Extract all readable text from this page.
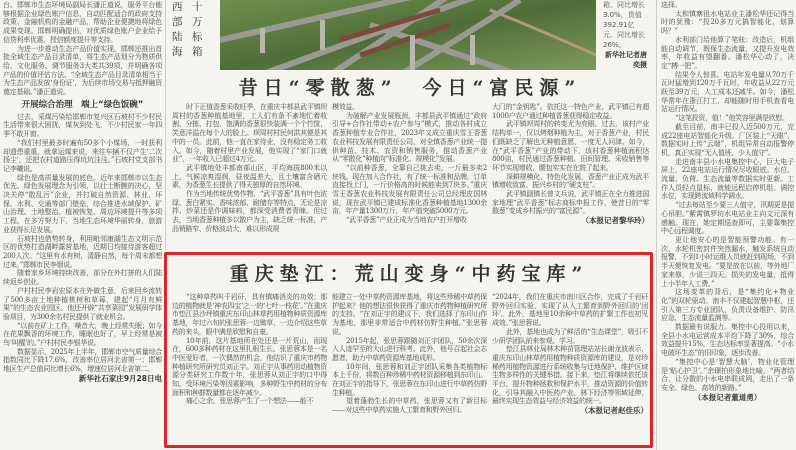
台。邯郸市生态环境局副局长潘正道说，服务平台能够根据企业绿色账户信息，自动匹配适合的政府支持政策、金融机构的金融产品，帮助企业便捷地将绿色成果变现。邯郸明确提出，对优质绿色账户企业给予信贷利率优惠、授信额度提升等支持。

为进一步推动生态产品价值实现，邯郸还推出首批全域生态产品目录清单，将生态产品划分为物质供给、文化服务、调节服务3大类共39项，并明确各项产品的价值评估方法。“全域生态产品目录清单相当于为生态产品发放‘身份证’，为后续市场交易与抵押融资奠定基础。”潘正道说。

开展综合治理　端上“绿色饭碗”

过去，采煤污染给邯郸市复兴区石坡村不少村民生活带来很大困扰，煤灰到处飞，不少村民家一年四季不敢开窗。

“我们村里最多时遍布50多个小煤场，一时获利却遗患重重。就拿运煤来说，来往车辆不仅产生‘二次扬尘’，还把农村道路压得坑坑洼洼。”石坡村党支部书记李曦说。

绿色是高质量发展的底色。近年来邯郸市以生态优先、绿色发展理念为引领，以壮士断腕的决心，坚决关停“散乱污”企业，并打破自然资源、林业、环保、水利、交通等部门壁垒，综合推进水域保护、矿山治理、土地整治、植被恢复、周边环境提升等多项工程。在多方努力下，当地生态环境华丽转身，旅游业获得长足发展。

石坡村也借势转身，利用毗邻康湖生态文明示范区的优势打造湖畔露营基地，近期日均接待游客超过200人次。“这里有水有树，清静自然，每个周末都想过来。”邯郸市民李烟说。

随着家乡环境持续改善，部分在外打拼的人们陆续返乡创业。

户村村民李岩宏原本在外做生意，后来回乡流转了500多亩土地种植桃树和草莓，建起“月月有鲜果”的生态农业园区。他还开辟“共享菜园”发展研学体验项目，为300余名村民提供了就业机会。

“以前在矿上工作，噪音大，晚上经常失眠；如今在花果飘香的环境工作，睡眠也好了，早上经常是被鸟‘叫醒’的。”户村村民李银华说。

数据显示，2025年上半年，邯郸市空气质量综合指数同比下降17.6%，改善率位居河北省第一；邯郸地区生产总值同比增长6%，增速位居河北省第二。

新华社石家庄9月28日电
西部陆海
十万标箱
箱、同比增长3.0%，货值392.91亿元、同比增长26%。
新华社记者唐奕摄
昔日“零散葱”　今日“富民源”

时下正值香葱采收旺季，在重庆丰都县武平镇坝周村的香葱种植基地里，工人们有条不紊地忙着收割、分拣、打包，饱满的香葱很快装满一个个竹筐，笑意洋溢在每个人的脸上。坝周村村民何洪其便是其中的一员。此前，他一直在家待业，没有稳定务工收入。如今，随着村里产业发展，他实现了“家门口就业”，一年收入已超过4万元。

武平镇地处丰都南部山区，平均海拔800米以上，气候凉爽湿润，昼夜温差大，且土壤富含硒元素，为香葱生长提供了得天独厚的自然环境。

作为当地传统优势作物，“武平香葱”具有叶色浓绿、葱白紧实、香味浓郁、耐储存等特点，无论是凉拌、炒菜还是作调味料，都深受消费者青睐。但过去，当地香葱种植多以散户为主，缺乏统一标准，产品销路窄、价格波动大，难以形成规

模效益。

为破解产业发展瓶颈，丰都县武平镇通过“政府引导+合作社带动+农户参与”模式，推动各村成立香葱种植专业合作社，2023年又成立重庆雪王香葱农业科技发展有限责任公司，对全镇香葱产业统一提供种苗、技术、农资和销售服务，推动香葱产业从“零散化”种植向“标准化、规模化”发展。

“以前种香葱，全靠自己挑去卖，一斤最多卖2块钱。现在加入合作社，有了统一标准和品牌，订单直接找上门，一斤价格高的时候能卖到7块多。”重庆雪王香葱农业科技发展有限责任公司总经理皮国林说，现在武平镇已建成标准化香葱种植基地1300余亩，年产量1300万斤，年产值突破5000万元。

“武平香葱”产业正成为当地农户打开增收

大门的“金钥匙”。依托这一特色产业，武平镇已有超1000户农户通过种植香葱获得稳定收益。

武平镇坝周村的转变尤为亮眼。过去，该村产业结构单一，仅以烤烟种植为主，对于香葱产业，村民们既缺乏了解也无种植意愿，一度无人问津。如今，在“武平香葱”产业的带动下，该村香葱种植面积达800亩，村民通过香葱种植、田间管理、采收销售等环节实现增收，腰包实实在在鼓了起来。

深耕规模化、特色化发展，香葱产业正成为武平镇增收致富、振兴乡村的“硬支柱”。

武平镇副镇长曾文兵说，武平镇正在全力推进国家地理“武平香葱”标志商标申报工作，使昔日的“零散葱”变成乡村振兴的“富民源”。

（本报记者黎华玲）
重庆垫江：荒山变身“中药宝库”

“这种草药叫千岩矸，具有镇痛消炎的功效；那边的植物就是‘神农四宝’之一的‘七叶一枝花’。”在重庆市垫江县沙坪镇重庆东印山林草药用植物种质资源库基地，年过六旬的张思蓉一边锄草，一边介绍这些草药的来头，眼中满是欣慰和自豪。

10年前，这片基地所在处还是一片荒山，而现在，600多种药材在这里扎根生长。张思蓉本是一名中医爱好者，一次偶然的机会，他结识了重庆市药物种植研究所研究员刘正宇。刘正宇从事药用动植物资源分类研究工作数十年，张思蓉从刘正宇的口中得知，受环境污染等因素影响，多种野生中药材的分布面积和种群数量都在逐年减少。

痛心之余，张思蓉产生了一个想法——能不

能建立一处中草药资源库基地，将这些珍稀中草药保护起来？他的想法很快获得了重庆市药物种植研究所的支持。“在刘正宇的建议下，我们选择了东印山作为基地，那里非常适合中药材仿野生种植。”张思蓉说。

2015年起，张思蓉跟随刘正宇团队，50余次深入人迹罕至的大山进行科考。此外，他号召起社会志愿者，助力中草药资源库基地成形。

10年间，张思蓉和刘正宇团队采集各类植物标本上千份，将数百种珍稀中药材资源移植到东印山。在刘正宇的指导下，张思蓉在东印山进行中草药仿野生种植。

望着蓬勃生长的中草药，张思蓉又有了新目标——对这些中草药实施人工繁育和野外回归。

“2024年，我们在重庆市南川区合作，完成了千岩矸野外回归实验，实现了从人工繁育到野外回归的‘闭环’。此外，基地里10余种中草药的扩繁工作也初见成效。”张思蓉说。

此外，基地也成为了鲜活的“生态课堂”，吸引不少研学团队前来参观、学习。

垫江县林业局林木种苗管理站站长谢龙波表示，重庆东印山林草药用植物种质资源库的建设，是对珍稀药用植物资源进行系统收集与迁地保护、维护区域生物多样性的关键举措。接下来，垫江将继续依托该平台，提升物种拯救和保护水平，推动资源的价值转化，引导其融入中医药产业、林下经济等领域延伸，最终实现生态效益与经济效益的统一。

（本报记者赵佳乐）

选择。

太和镇寨徂水电站业主潘松华还记得当时的犹豫：“投20多万元搞智能化，划算吗？”

水利部门给他算了笔账：改造后，机组能自动调节，既保生态流量，又提升发电效率，年收益有望翻番。潘松华心动了，决定“搏一把”。

结果令人惊喜。电站年发电量从70万千瓦时猛增到120万千瓦时，年收益从22万元跃至39万元，人工成本还减半。如今，潘松华常年在浙江打工，却能随时用手机查看电站运行情况。

“这笔投资，值！”他笑容里满是欣慰。

截至目前，南丰已投入近500万元，完成22座电站智能化升级。厂区装上“天眼”，数据实时上传“云端”，机组异常自动报警停机，真正实现“无人值班、少人值守”。

走进南丰县小水电集控中心，巨大电子屏上，22座电站运行情况尽收眼底。水位、流量、负荷、生态流量等数据实时更新。工作人员轻点鼠标，就能远程启停机组、调控水位，实现跨流域科学调水。

“过去每站至少要三人值守，汛期更是提心吊胆。”紫霄镇罗坊水电站业主向文元深有感触。现在，她定期巡查即可，主要靠集控中心远程调度。

更让他安心的是智能预警功能。有一次，水轮机密封件突然漏水，触发系统自动报警，不到1小时运维人员就赶到现场，不到半天便恢复发电。“要是放在以前，等外地厂家来修，少说三四天。损失的发电量，抵得上小半年人工费。”

这场变革的背后，是“集约化+物业化”的双轮驱动。南丰不仅建起智慧中枢，还引入第三方专业团队，负责设备维护、防汛应急、生态流量监测等。

数据最有说服力。集控中心投用以来，全县小水电运营成本平均下降了30%，综合效益提升15%，生态达标率显著提高。“小水电破坏生态”的旧印象，逐步改善。

“集控中心是‘智慧大脑’，物业化管理是‘贴心护卫’。”余璟拍形象地比喻，“两者结合，让分散的小水电串联成网，走出了一条安全、绿色、高效的新路。”

（本报记者董道勇）
